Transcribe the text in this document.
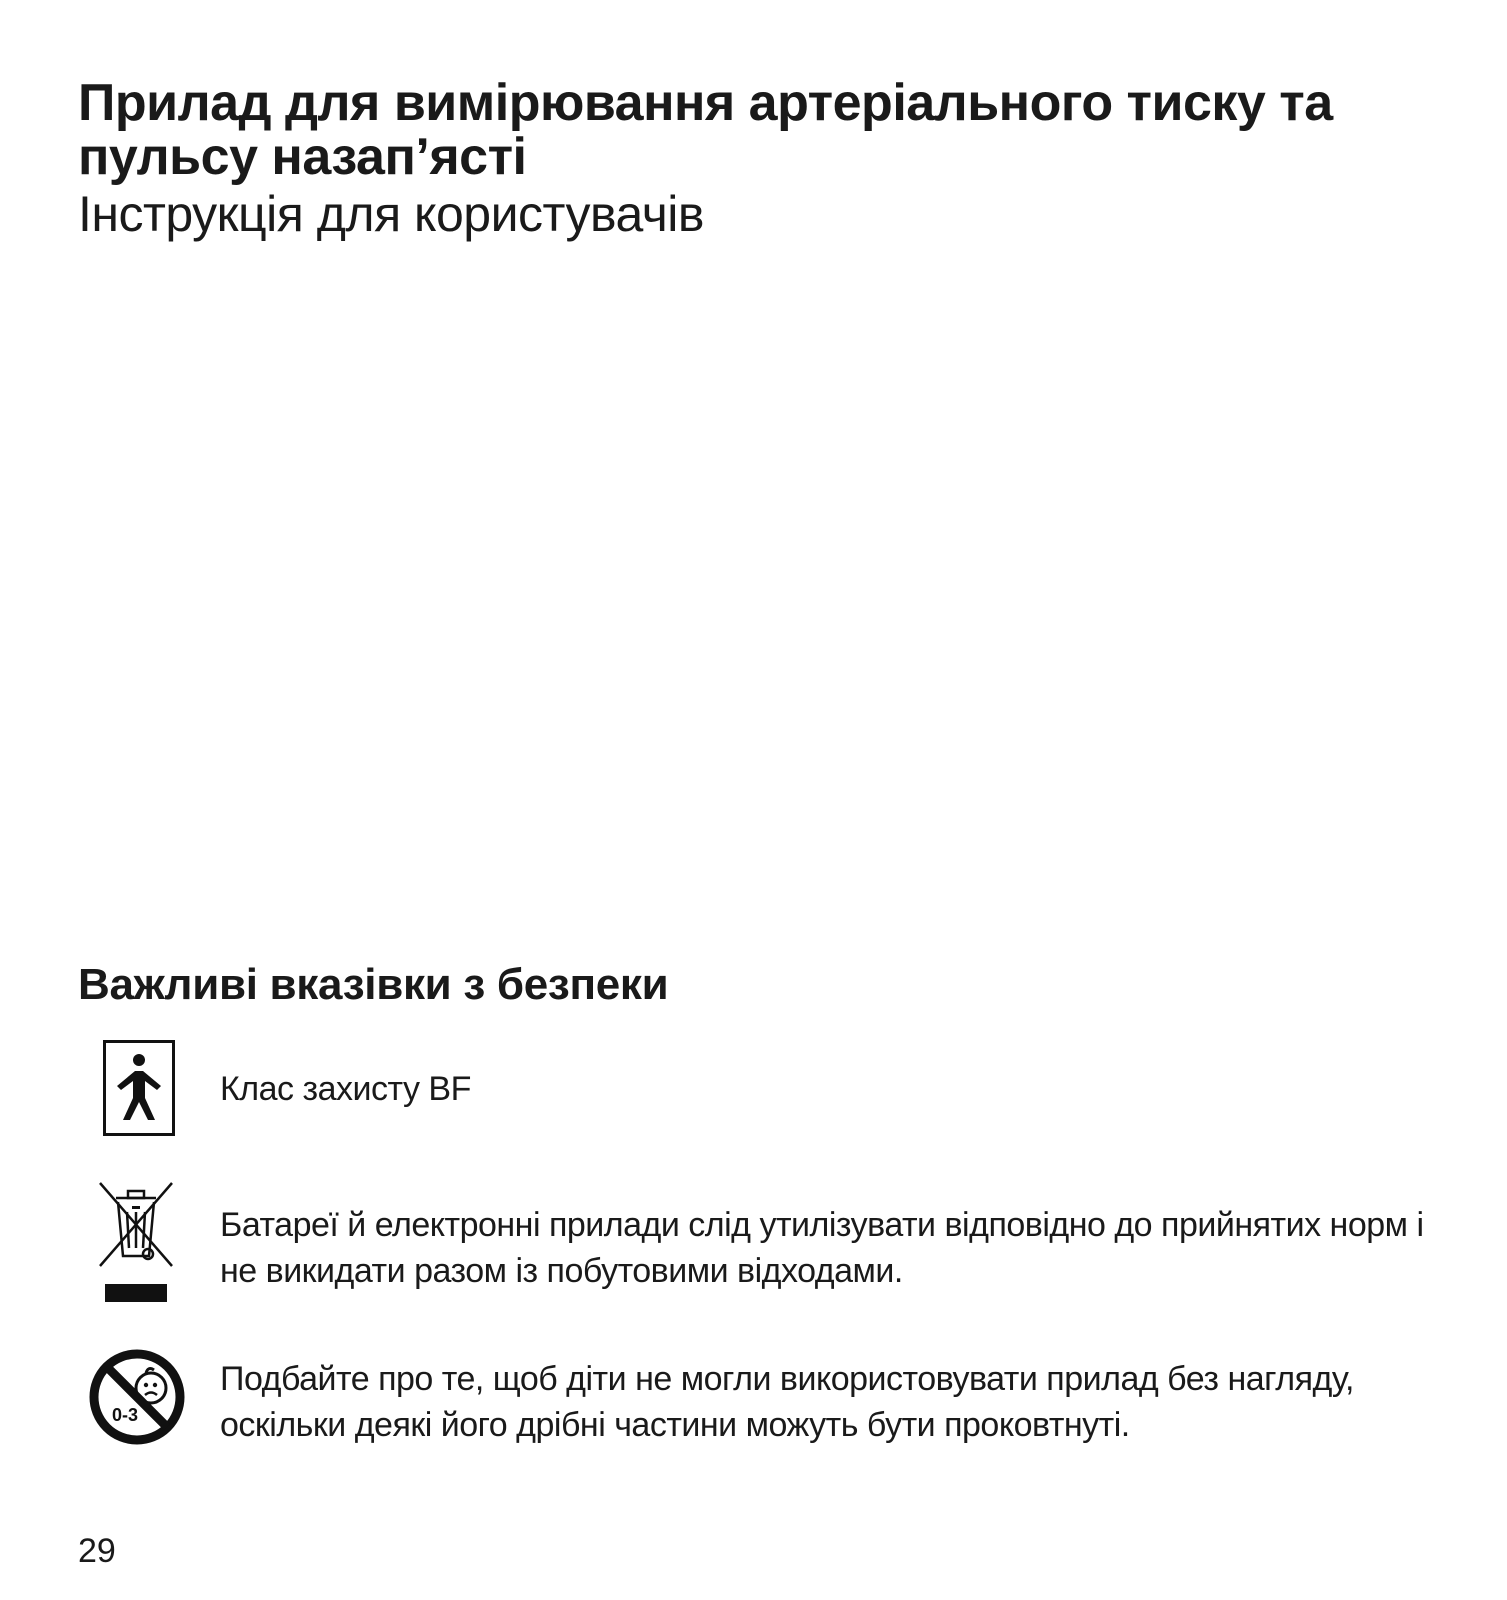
Прилад для вимірювання артеріального тиску та пульсу назап’ясті
Інструкція для користувачів
Важливі вказівки з безпеки

Клас захисту BF

Батареї й електронні прилади слід утилізувати відповідно до прийнятих норм і не викидати разом із побутовими відходами.

0-3

Подбайте про те, щоб діти не могли використовувати прилад без нагляду, оскільки деякі його дрібні частини можуть бути проковтнуті.

29
